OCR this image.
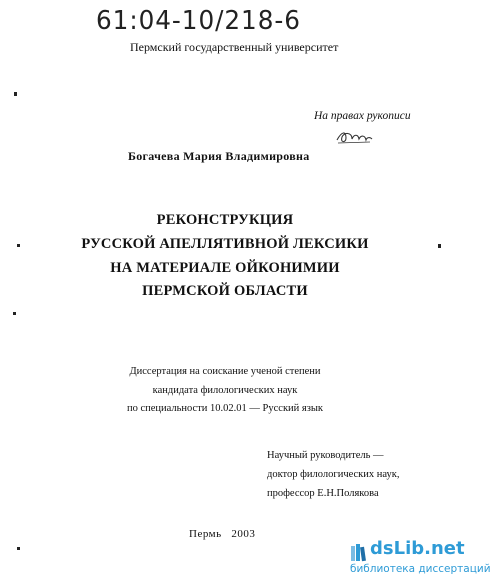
61:04-10/218-6
Пермский государственный университет
На правах рукописи
Богачева Мария Владимировна
РЕКОНСТРУКЦИЯ
РУССКОЙ АПЕЛЛЯТИВНОЙ ЛЕКСИКИ
НА МАТЕРИАЛЕ ОЙКОНИМИИ
ПЕРМСКОЙ ОБЛАСТИ
Диссертация на соискание ученой степени
кандидата филологических наук
по специальности 10.02.01 — Русский язык
Научный руководитель —
доктор филологических наук,
профессор Е.Н.Полякова
Пермь   2003
dsLib.net
библиотека диссертаций
